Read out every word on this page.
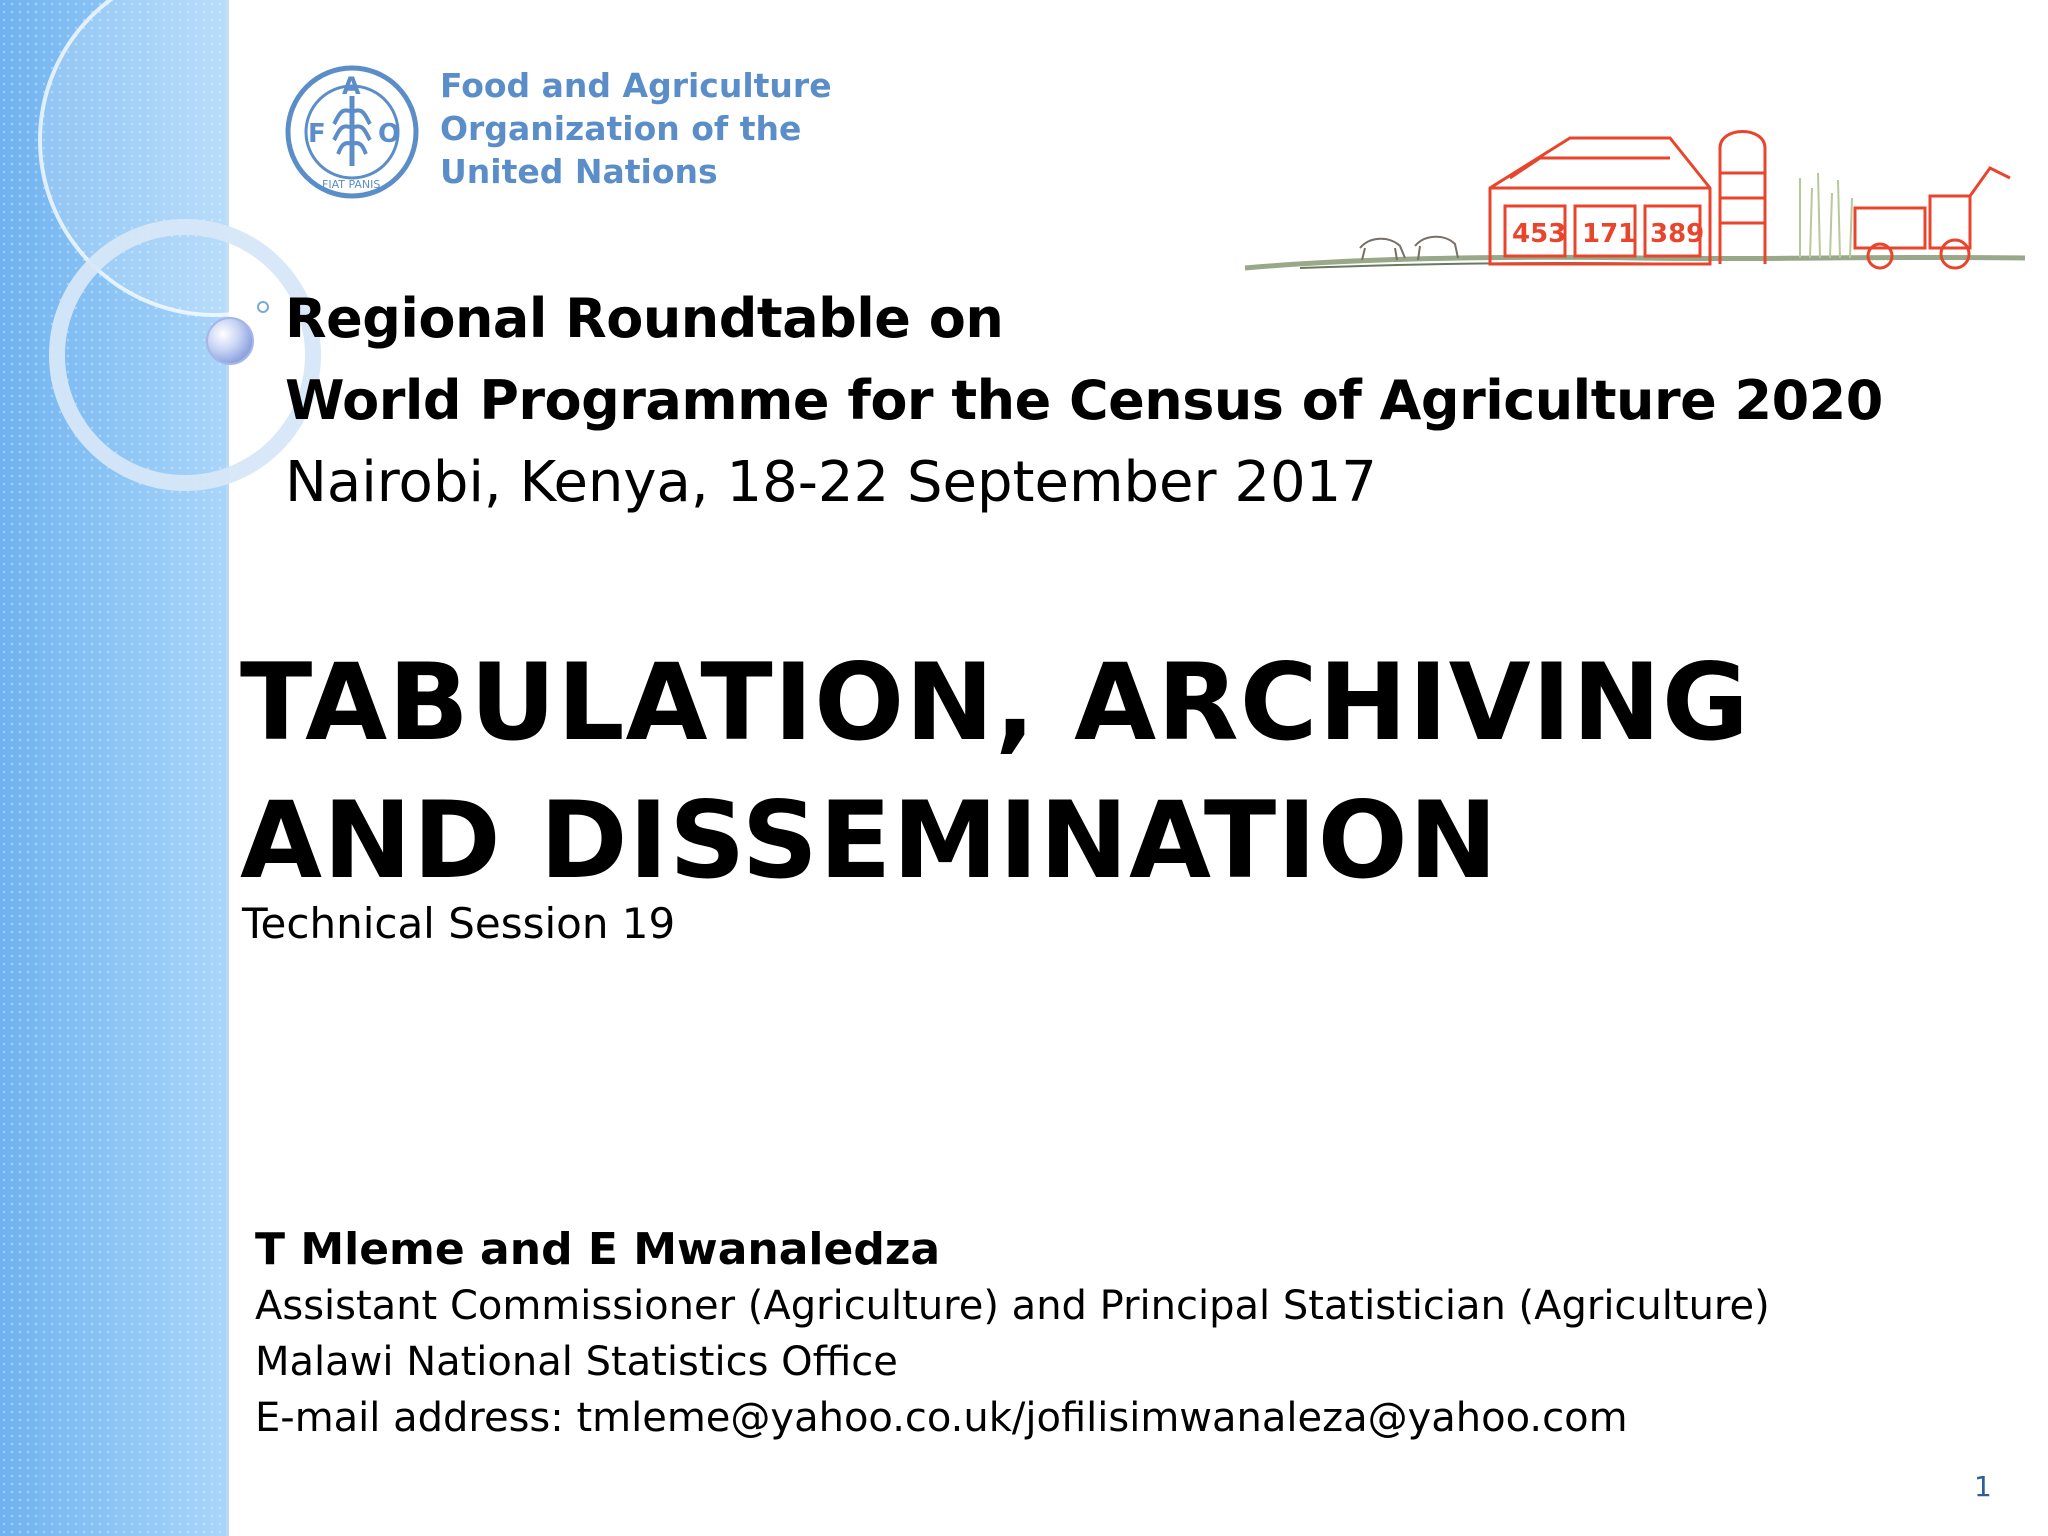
F
A
O
FIAT PANIS
Food and Agriculture
Organization of the
United Nations
453 171 389
Regional Roundtable on
World Programme for the Census of Agriculture 2020
Nairobi, Kenya, 18-22 September 2017
TABULATION, ARCHIVING
AND DISSEMINATION
Technical Session 19
T Mleme and E Mwanaledza
Assistant Commissioner (Agriculture) and Principal Statistician (Agriculture)
Malawi National Statistics Office
E-mail address: tmleme@yahoo.co.uk/jofilisimwanaleza@yahoo.com
1
